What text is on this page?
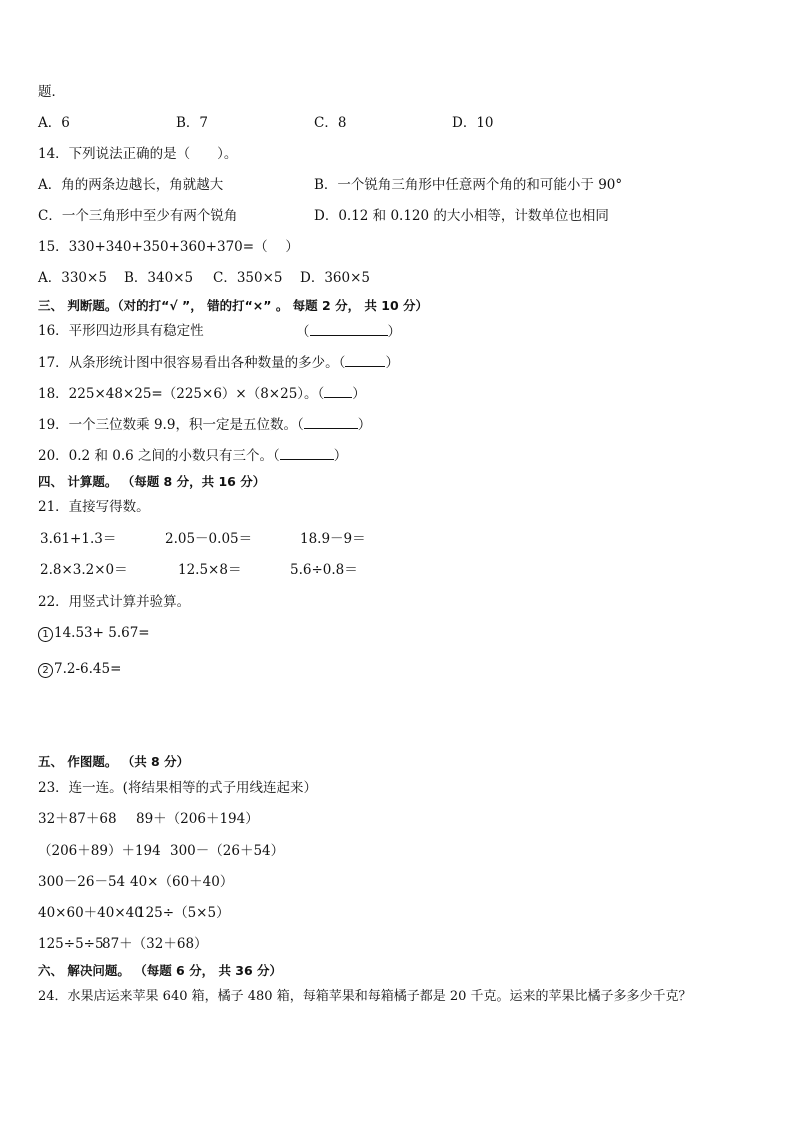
题．
A．6	B．7	C．8	D．10
14．下列说法正确的是（　　）。
A．角的两条边越长，角就越大	B．一个锐角三角形中任意两个角的和可能小于 90°
C．一个三角形中至少有两个锐角	D．0.12 和 0.120 的大小相等，计数单位也相同
15．330+340+350+360+370=（　 ）
A．330×5 B．340×5 C．350×5 D．360×5
三、 判断题。（对的打“√ ”， 错的打“×” 。 每题 2 分， 共 10 分）
16．平形四边形具有稳定性	（	）
17．从条形统计图中很容易看出各种数量的多少。（	）
18．225×48×25=（225×6）×（8×25）。（ ）
19．一个三位数乘 9.9，积一定是五位数。（	）
20．0.2 和 0.6 之间的小数只有三个。（	）
四、 计算题。 （每题 8 分，共 16 分）
21．直接写得数。
3.61+1.3＝	2.05－0.05＝	18.9－9＝
2.8×3.2×0＝	12.5×8＝	5.6÷0.8＝
22．用竖式计算并验算。
1 14.53+ 5.67=
2 7.2-6.45=
五、 作图题。 （共 8 分）
23．连一连。(将结果相等的式子用线连起来）
32＋87＋68 89＋（206＋194）
（206＋89）＋194 300－（26＋54）
300－26－54 40×（60＋40）
40×60＋40×40
125÷（5×5）
125÷5÷5
87＋（32＋68）
六、 解决问题。 （每题 6 分， 共 36 分）
24．水果店运来苹果 640 箱，橘子 480 箱，每箱苹果和每箱橘子都是 20 千克。运来的苹果比橘子多多少千克？
